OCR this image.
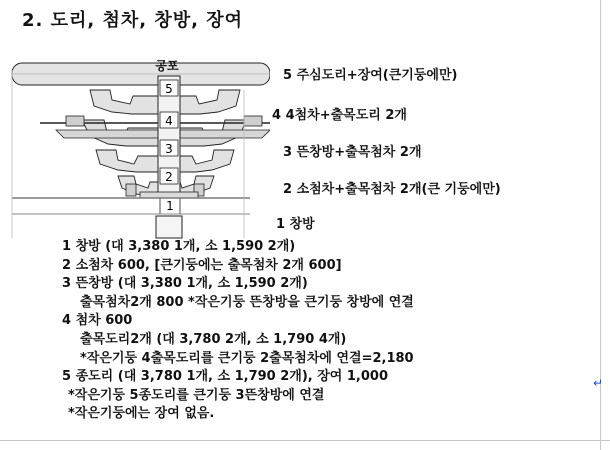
2. 도리, 첨차, 창방, 장여
공포
5
4
3
2
1
5 주심도리+장여(큰기둥에만)
4 4첨차+출목도리 2개
3 뜬창방+출목첨차 2개
2 소첨차+출목첨차 2개(큰 기둥에만)
1 창방
1 창방 (대 3,380 1개, 소 1,590 2개)
2 소첨차 600, [큰기둥에는 출목첨차 2개 600]
3 뜬창방 (대 3,380 1개, 소 1,590 2개)
출목첨차2개 800 *작은기둥 뜬창방을 큰기둥 창방에 연결
4 첨차 600
출목도리2개 (대 3,780 2개, 소 1,790 4개)
*작은기둥 4출목도리를 큰기둥 2출목첨차에 연결=2,180
5 종도리 (대 3,780 1개, 소 1,790 2개), 장여 1,000
*작은기둥 5종도리를 큰기둥 3뜬창방에 연결
*작은기둥에는 장여 없음.
↵
